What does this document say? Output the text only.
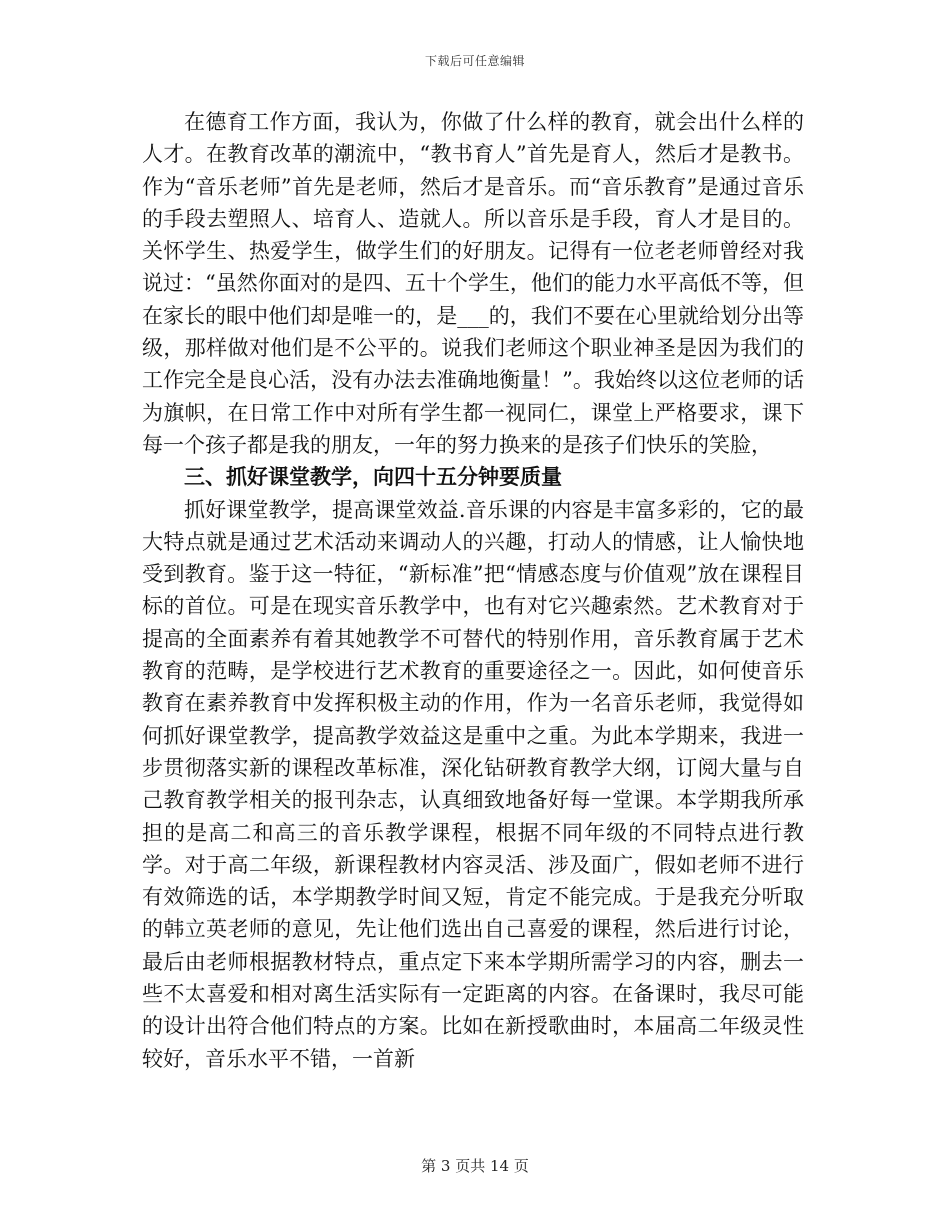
下载后可任意编辑

在德育工作方面，我认为，你做了什么样的教育，就会出什么样的人才。在教育改革的潮流中，“教书育人”首先是育人，然后才是教书。作为“音乐老师”首先是老师，然后才是音乐。而“音乐教育”是通过音乐的手段去塑照人、培育人、造就人。所以音乐是手段，育人才是目的。关怀学生、热爱学生，做学生们的好朋友。记得有一位老老师曾经对我说过：“虽然你面对的是四、五十个学生，他们的能力水平高低不等，但在家长的眼中他们却是唯一的，是___的，我们不要在心里就给划分出等级，那样做对他们是不公平的。说我们老师这个职业神圣是因为我们的工作完全是良心活，没有办法去准确地衡量！”。我始终以这位老师的话为旗帜，在日常工作中对所有学生都一视同仁，课堂上严格要求，课下每一个孩子都是我的朋友，一年的努力换来的是孩子们快乐的笑脸，

三、抓好课堂教学，向四十五分钟要质量

抓好课堂教学，提高课堂效益.音乐课的内容是丰富多彩的，它的最大特点就是通过艺术活动来调动人的兴趣，打动人的情感，让人愉快地受到教育。鉴于这一特征，“新标准”把“情感态度与价值观”放在课程目标的首位。可是在现实音乐教学中，也有对它兴趣索然。艺术教育对于提高的全面素养有着其她教学不可替代的特别作用，音乐教育属于艺术教育的范畴，是学校进行艺术教育的重要途径之一。因此，如何使音乐教育在素养教育中发挥积极主动的作用，作为一名音乐老师，我觉得如何抓好课堂教学，提高教学效益这是重中之重。为此本学期来，我进一步贯彻落实新的课程改革标准，深化钻研教育教学大纲，订阅大量与自己教育教学相关的报刊杂志，认真细致地备好每一堂课。本学期我所承担的是高二和高三的音乐教学课程，根据不同年级的不同特点进行教学。对于高二年级，新课程教材内容灵活、涉及面广，假如老师不进行有效筛选的话，本学期教学时间又短，肯定不能完成。于是我充分听取的韩立英老师的意见，先让他们选出自己喜爱的课程，然后进行讨论，最后由老师根据教材特点，重点定下来本学期所需学习的内容，删去一些不太喜爱和相对离生活实际有一定距离的内容。在备课时，我尽可能的设计出符合他们特点的方案。比如在新授歌曲时，本届高二年级灵性较好，音乐水平不错，一首新

第 3 页共 14 页
